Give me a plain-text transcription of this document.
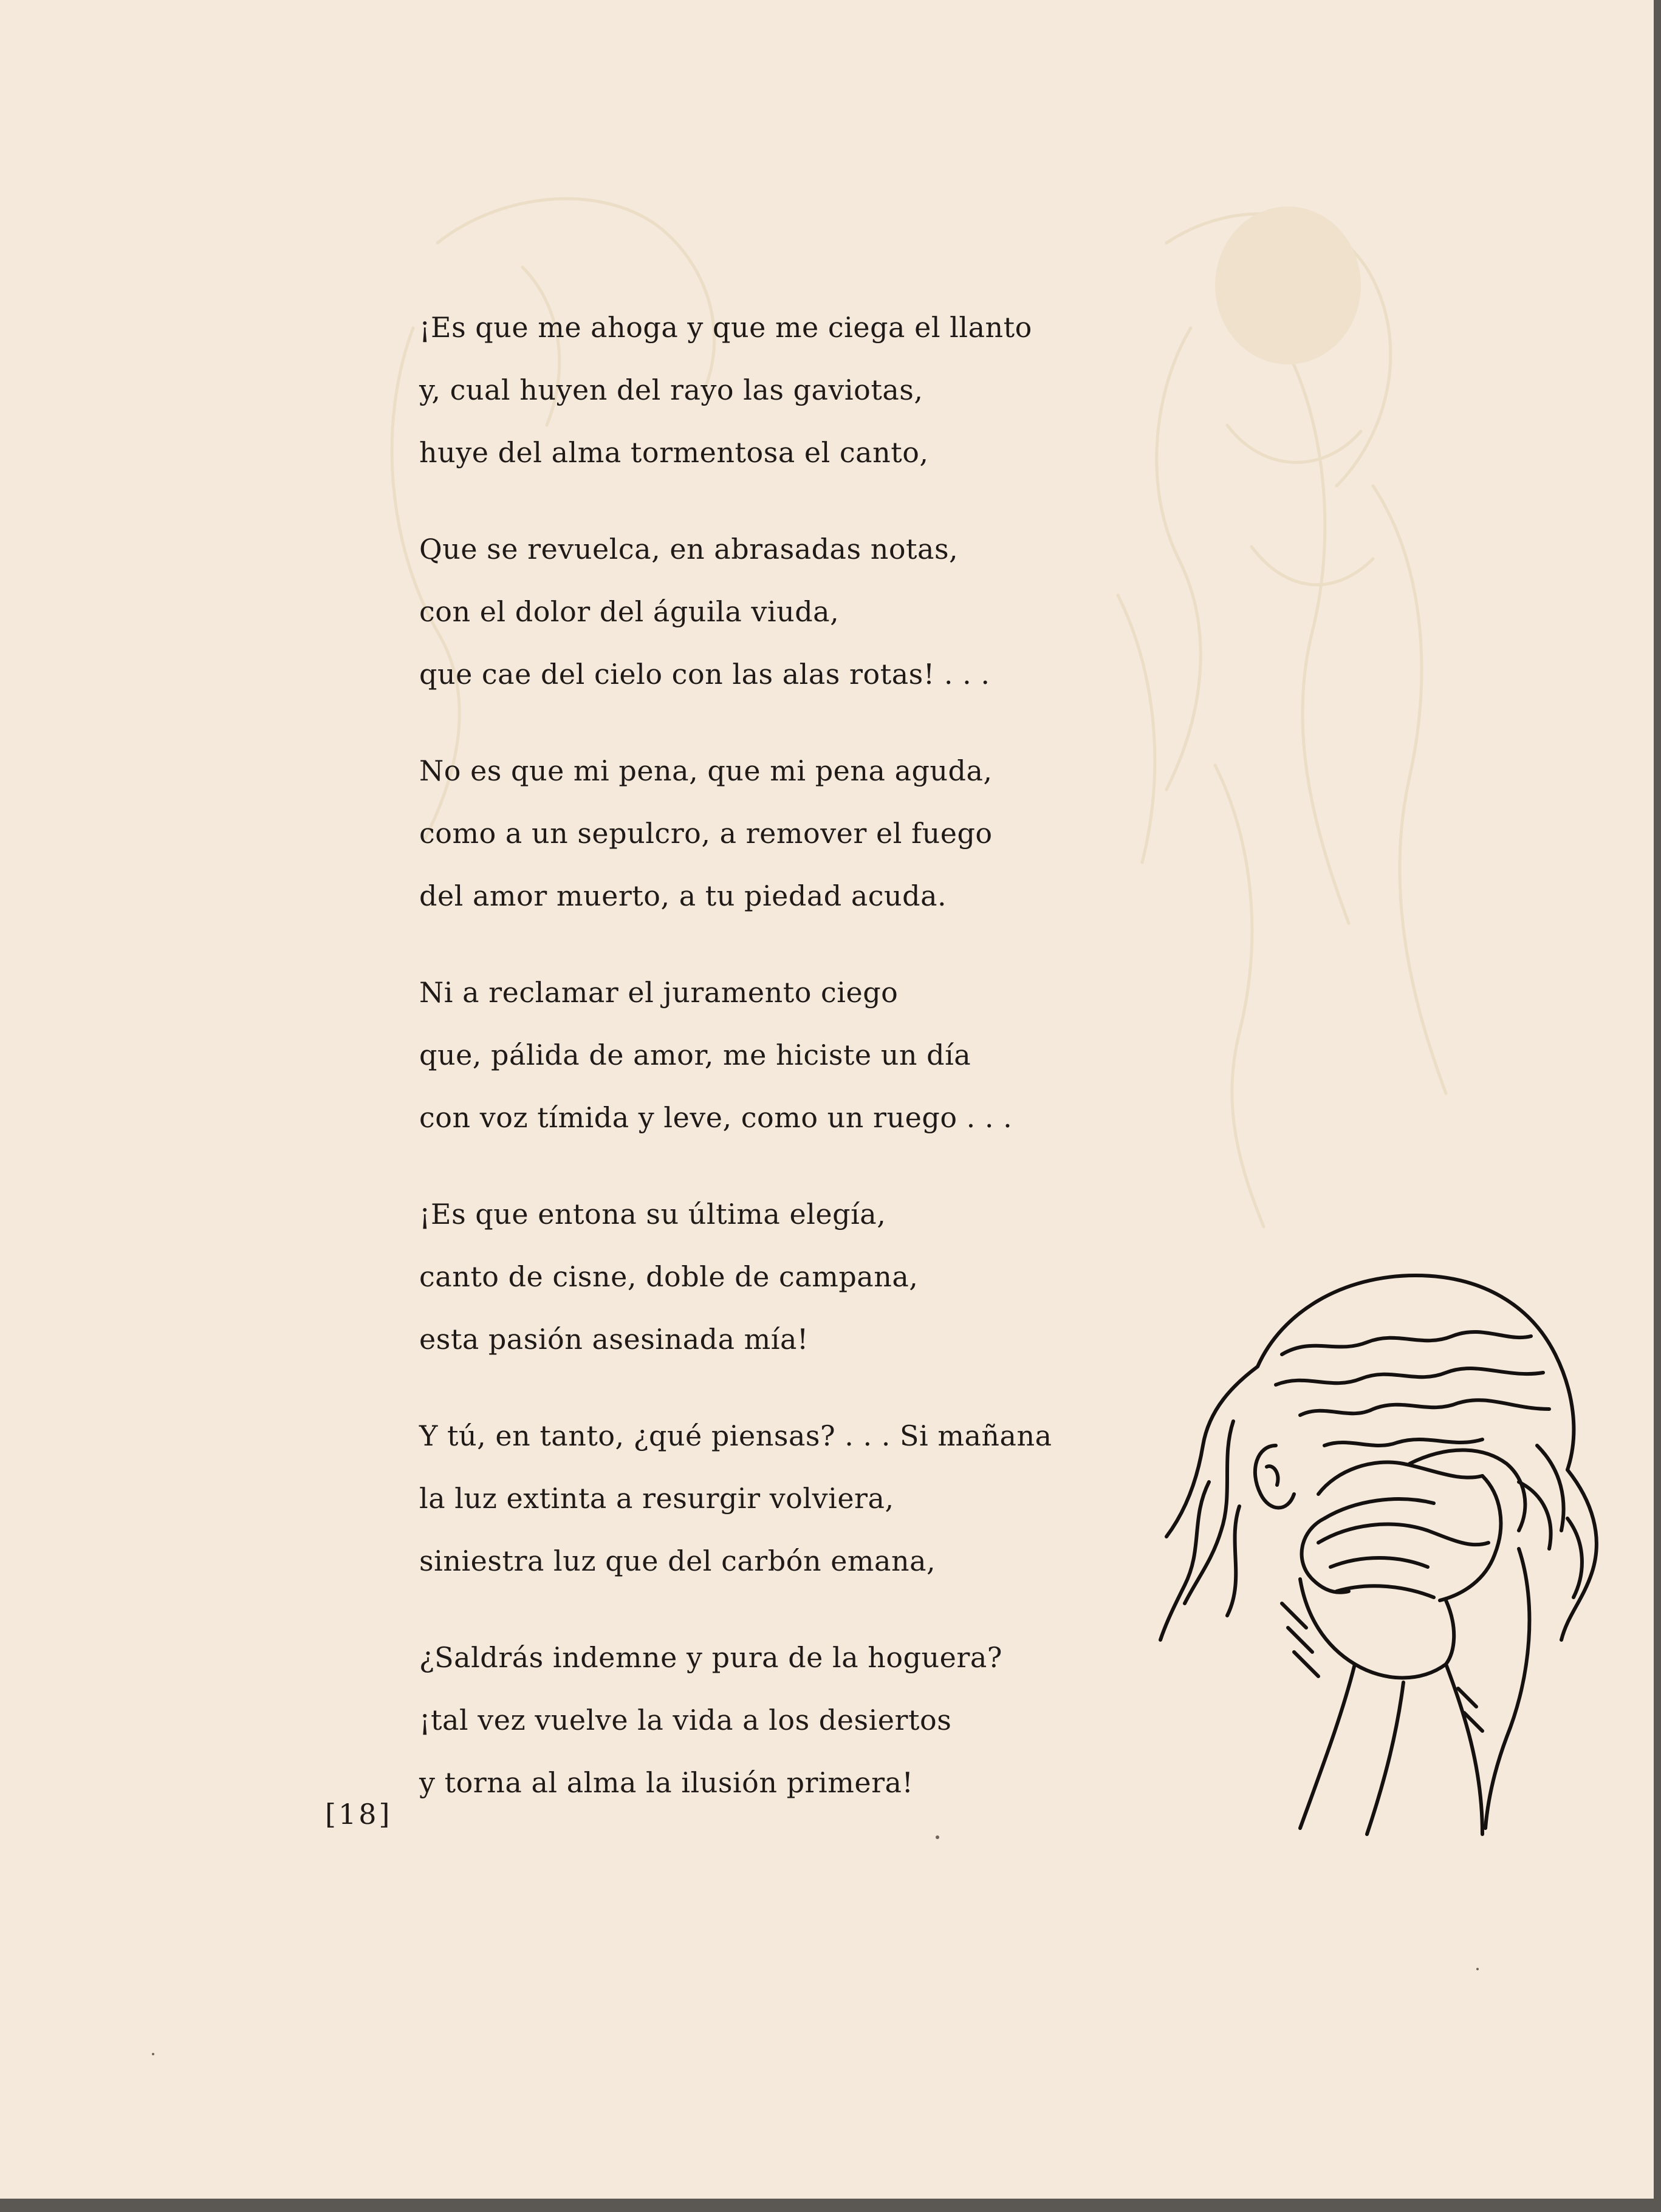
¡Es que me ahoga y que me ciega el llanto
y, cual huyen del rayo las gaviotas,
huye del alma tormentosa el canto,
Que se revuelca, en abrasadas notas,
con el dolor del águila viuda,
que cae del cielo con las alas rotas! . . .
No es que mi pena, que mi pena aguda,
como a un sepulcro, a remover el fuego
del amor muerto, a tu piedad acuda.
Ni a reclamar el juramento ciego
que, pálida de amor, me hiciste un día
con voz tímida y leve, como un ruego . . .
¡Es que entona su última elegía,
canto de cisne, doble de campana,
esta pasión asesinada mía!
Y tú, en tanto, ¿qué piensas? . . . Si mañana
la luz extinta a resurgir volviera,
siniestra luz que del carbón emana,
¿Saldrás indemne y pura de la hoguera?
¡tal vez vuelve la vida a los desiertos
y torna al alma la ilusión primera!
[18]
